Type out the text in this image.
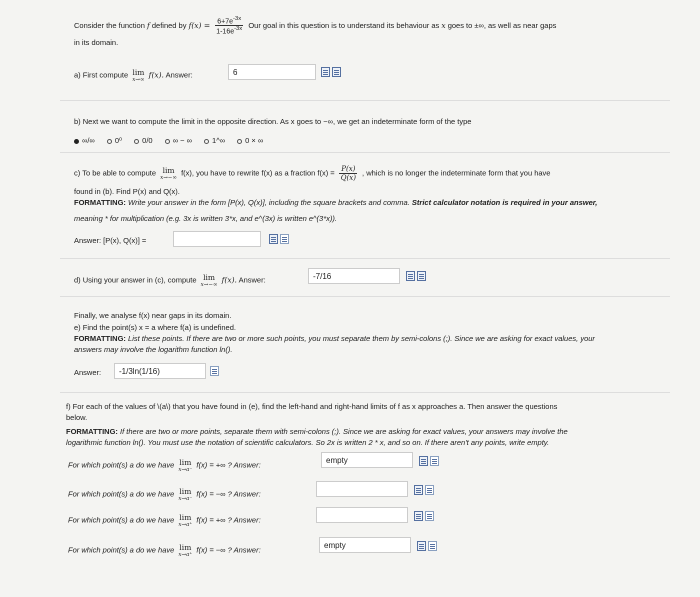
Consider the function f defined by $f(x) = \frac{6+7e^{-3x}}{1-16e^{-3x}}$ Our goal in this question is to understand its behaviour as x goes to ±∞, as well as near gaps
in its domain.
a) First compute lim
x→∞
f(x). Answer:	6
b) Next we want to compute the limit in the opposite direction. As x goes to −∞, we get an indeterminate form of the type
∞/∞	0⁰	0/0	∞ − ∞	1^∞	0 × ∞
c) To be able to compute lim
x→−∞
f(x), you have to rewrite f(x) as a fraction $f(x) = \frac{P(x)}{Q(x)}$ , which is no longer the indeterminate form that you have
found in (b). Find P(x) and Q(x).
FORMATTING: Write your answer in the form [P(x), Q(x)], including the square brackets and comma. Strict calculator notation is required in your answer,
meaning * for multiplication (e.g. 3x is written 3*x, and e^(3x) is written e^(3*x)).
Answer: [P(x), Q(x)] =
d) Using your answer in (c), compute lim
x→−∞
f(x). Answer:	-7/16
Finally, we analyse f(x) near gaps in its domain.
e) Find the point(s) x = a where f(a) is undefined.
FORMATTING: List these points. If there are two or more such points, you must separate them by semi-colons (;). Since we are asking for exact values, your
answers may involve the logarithm function ln().
Answer:	-1/3ln(1/16)
f) For each of the values of \(a\) that you have found in (e), find the left-hand and right-hand limits of f as x approaches a. Then answer the questions
below.
FORMATTING: If there are two or more points, separate them with semi-colons (;). Since we are asking for exact values, your answers may involve the
logarithmic function ln(). You must use the notation of scientific calculators. So 2x is written 2 * x, and so on. If there aren't any points, write empty.
For which point(s) a do we have lim
x→a⁻
f(x) = +∞ ? Answer:	empty
For which point(s) a do we have lim
x→a⁻
f(x) = −∞ ? Answer:
For which point(s) a do we have lim
x→a⁺
f(x) = +∞ ? Answer:
For which point(s) a do we have lim
x→a⁺
f(x) = −∞ ? Answer:	empty
